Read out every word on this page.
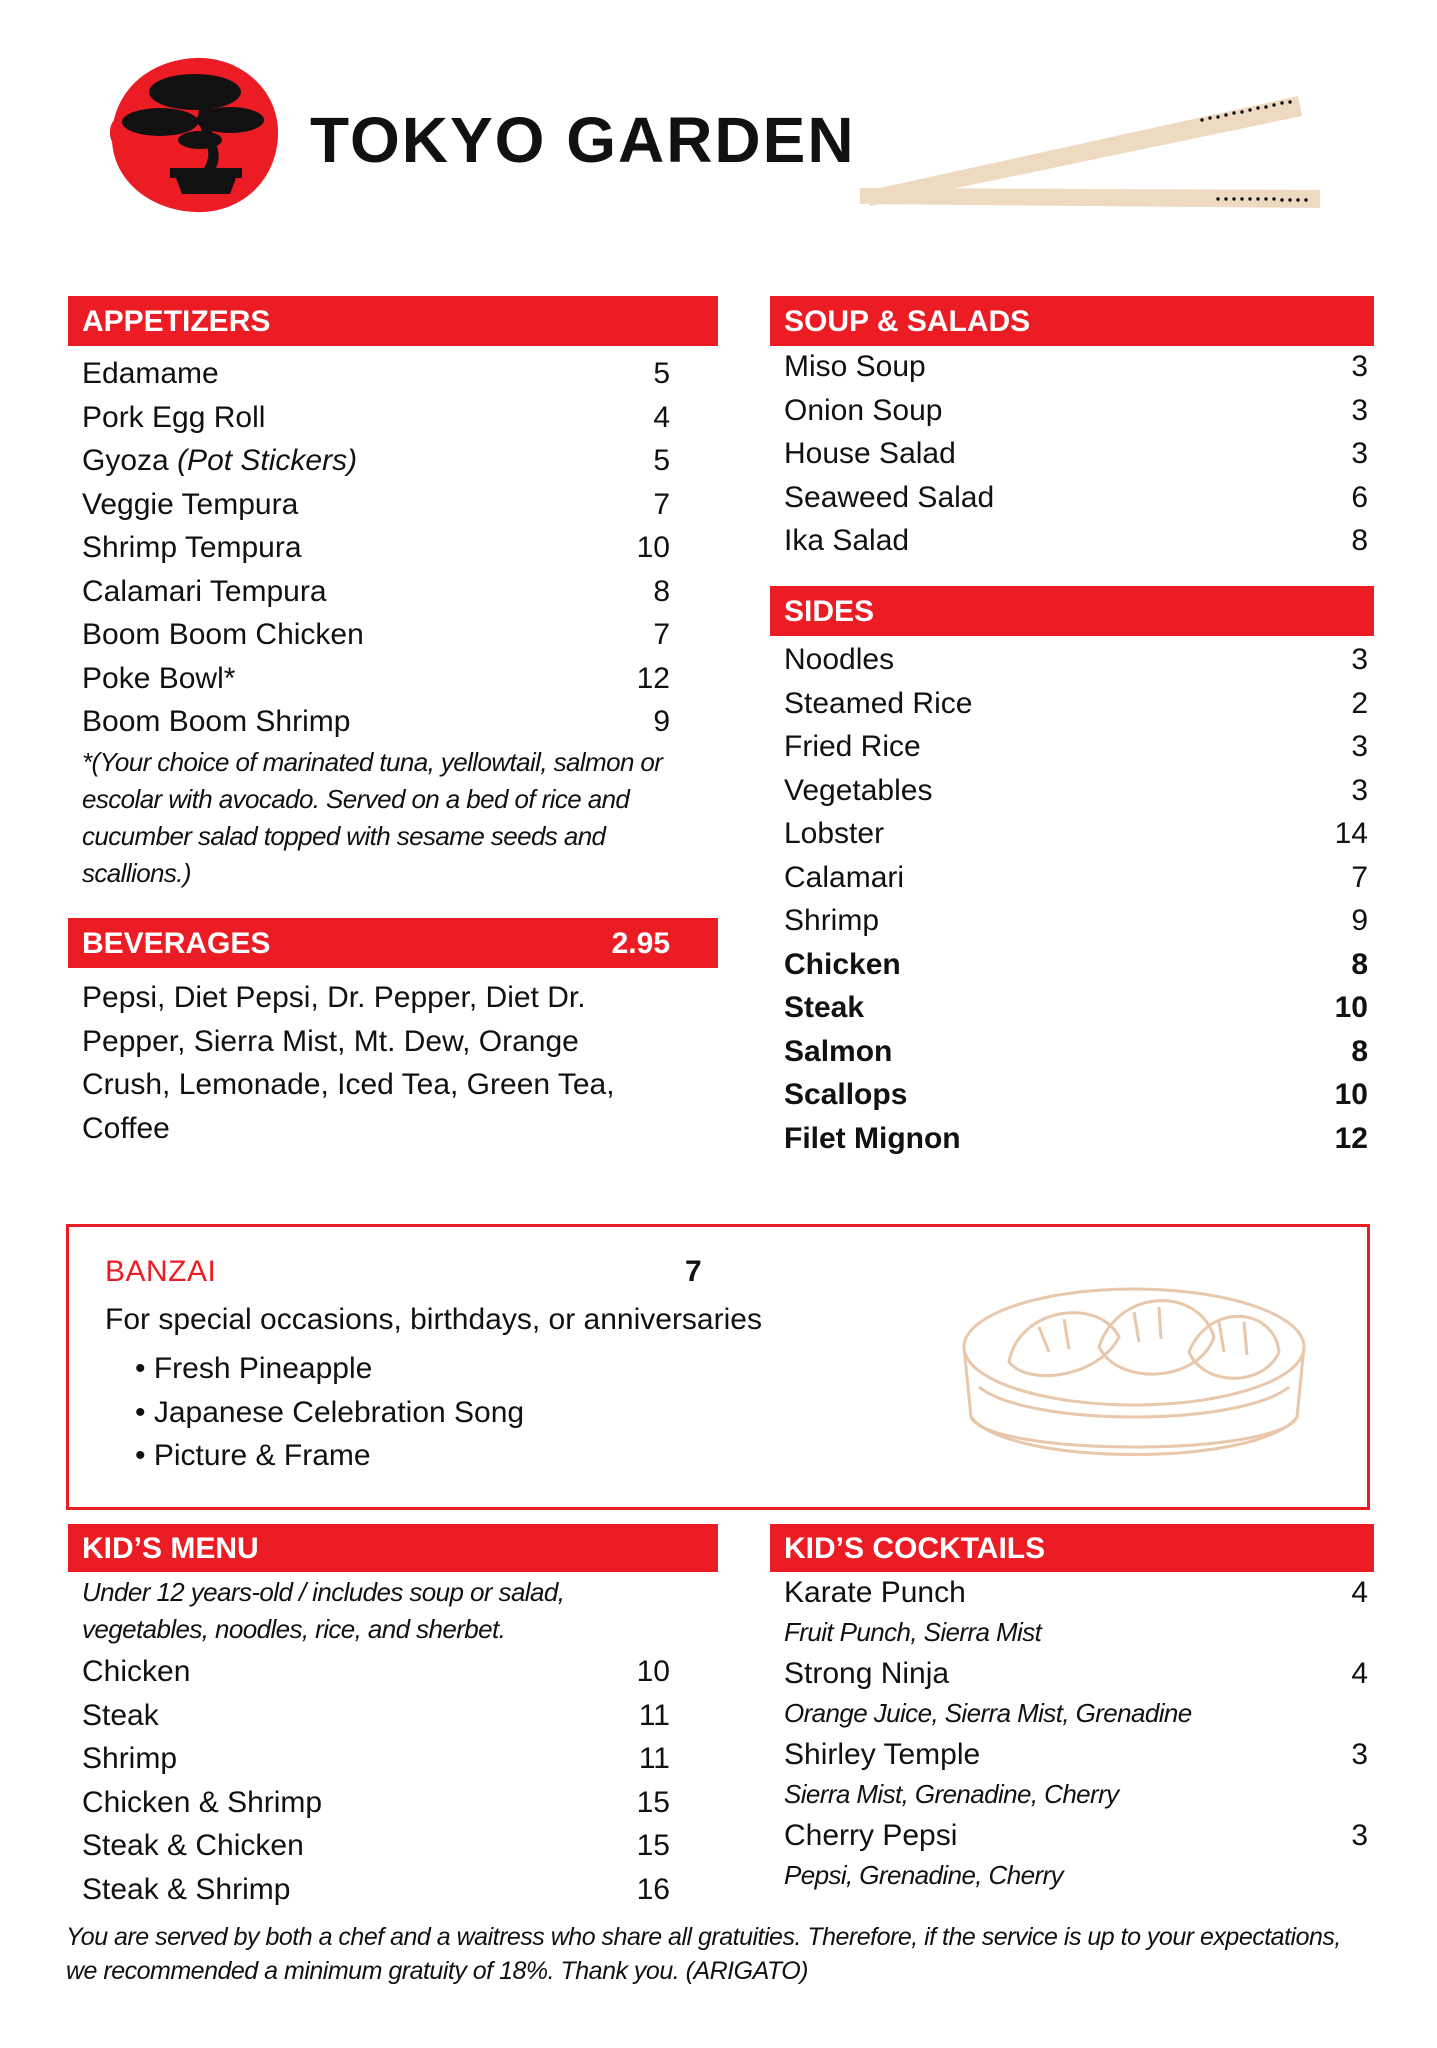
TOKYO GARDEN
APPETIZERS
Edamame	5
Pork Egg Roll	4
Gyoza (Pot Stickers)	5
Veggie Tempura	7
Shrimp Tempura	10
Calamari Tempura	8
Boom Boom Chicken	7
Poke Bowl*	12
Boom Boom Shrimp	9
*(Your choice of marinated tuna, yellowtail, salmon or escolar with avocado. Served on a bed of rice and cucumber salad topped with sesame seeds and scallions.)
BEVERAGES	2.95
Pepsi, Diet Pepsi, Dr. Pepper, Diet Dr. Pepper, Sierra Mist, Mt. Dew, Orange Crush, Lemonade, Iced Tea, Green Tea, Coffee
SOUP & SALADS
Miso Soup	3
Onion Soup	3
House Salad	3
Seaweed Salad	6
Ika Salad	8
SIDES
Noodles	3
Steamed Rice	2
Fried Rice	3
Vegetables	3
Lobster	14
Calamari	7
Shrimp	9
Chicken	8
Steak	10
Salmon	8
Scallops	10
Filet Mignon	12
BANZAI	7
For special occasions, birthdays, or anniversaries
• Fresh Pineapple
• Japanese Celebration Song
• Picture & Frame
KID’S MENU
Under 12 years-old / includes soup or salad, vegetables, noodles, rice, and sherbet.
Chicken	10
Steak	11
Shrimp	11
Chicken & Shrimp	15
Steak & Chicken	15
Steak & Shrimp	16
KID’S COCKTAILS
Karate Punch	4
Fruit Punch, Sierra Mist
Strong Ninja	4
Orange Juice, Sierra Mist, Grenadine
Shirley Temple	3
Sierra Mist, Grenadine, Cherry
Cherry Pepsi	3
Pepsi, Grenadine, Cherry
You are served by both a chef and a waitress who share all gratuities. Therefore, if the service is up to your expectations, we recommended a minimum gratuity of 18%. Thank you. (ARIGATO)
